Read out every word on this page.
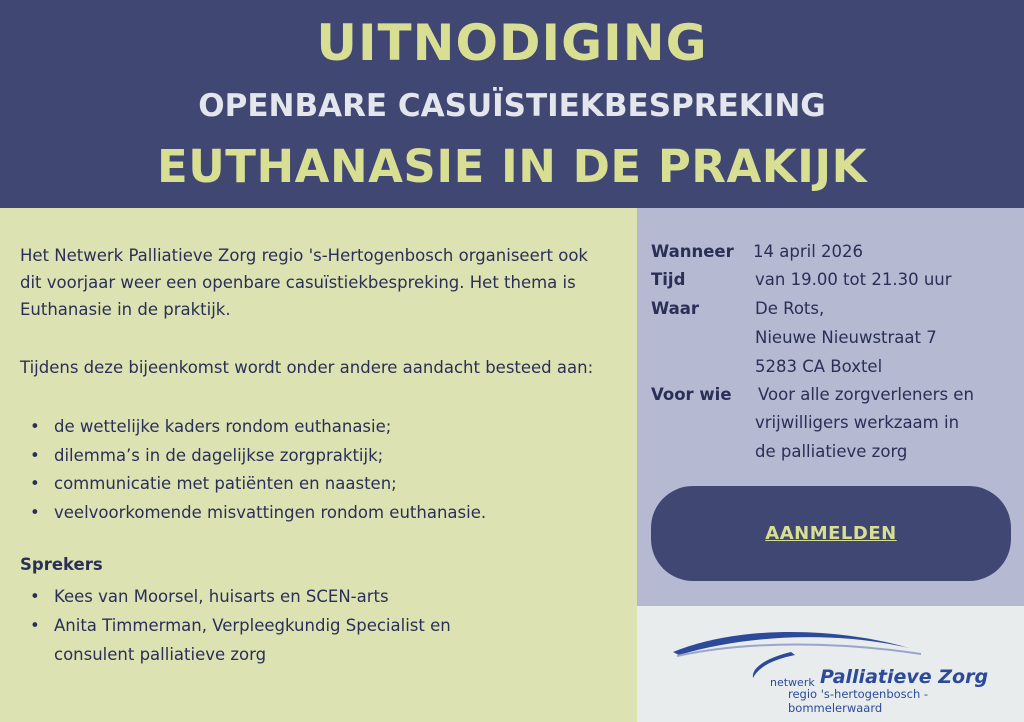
UITNODIGING
OPENBARE CASUÏSTIEKBESPREKING
EUTHANASIE IN DE PRAKIJK
Het Netwerk Palliatieve Zorg regio 's-Hertogenbosch organiseert ook dit voorjaar weer een openbare casuïstiekbespreking. Het thema is Euthanasie in de praktijk.
Tijdens deze bijeenkomst wordt onder andere aandacht besteed aan:
• de wettelijke kaders rondom euthanasie;
• dilemma’s in de dagelijkse zorgpraktijk;
• communicatie met patiënten en naasten;
• veelvoorkomende misvattingen rondom euthanasie.
Sprekers
• Kees van Moorsel, huisarts en SCEN-arts
• Anita Timmerman, Verpleegkundig Specialist en consulent palliatieve zorg
Wanneer 14 april 2026
Tijd	van 19.00 tot 21.30 uur
Waar	De Rots,
Nieuwe Nieuwstraat 7
5283 CA Boxtel
Voor wie Voor alle zorgverleners en
vrijwilligers werkzaam in
de palliatieve zorg
AANMELDEN
netwerk Palliatieve Zorg
regio 's-hertogenbosch - bommelerwaard
